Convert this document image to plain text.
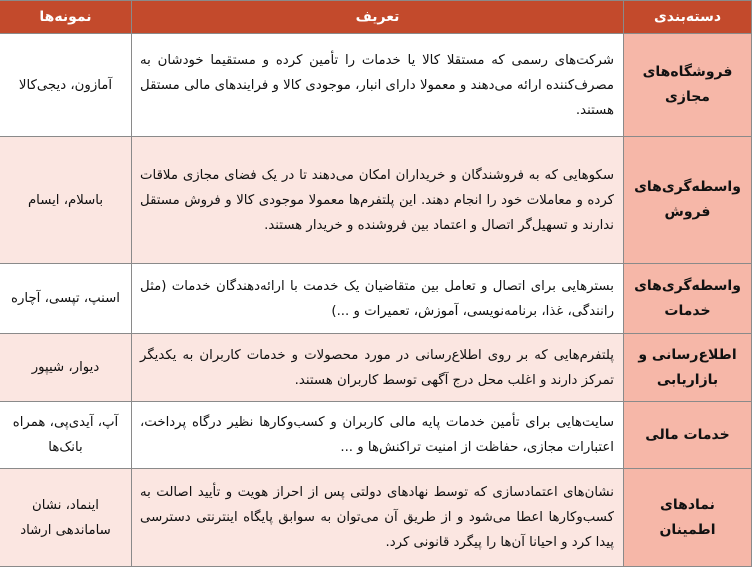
دسته‌بندی	تعریف	نمونه‌ها
فروشگاه‌های مجازی	شرکت‌های رسمی که مستقلا کالا یا خدمات را تأمین کرده و مستقیما خودشان به مصرف‌کننده ارائه می‌دهند و معمولا دارای انبار، موجودی کالا و فرایندهای مالی مستقل هستند.	آمازون، دیجی‌کالا
واسطه‌گری‌های فروش	سکوهایی که به فروشندگان و خریداران امکان می‌دهند تا در یک فضای مجازی ملاقات کرده و معاملات خود را انجام دهند. این پلتفرم‌ها معمولا موجودی کالا و فروش مستقل ندارند و تسهیل‌گر اتصال و اعتماد بین فروشنده و خریدار هستند.	باسلام، ایسام
واسطه‌گری‌های خدمات	بسترهایی برای اتصال و تعامل بین متقاضیان یک خدمت با ارائه‌دهندگان خدمات (مثل رانندگی، غذا، برنامه‌نویسی، آموزش، تعمیرات و ...)	اسنپ، تپسی، آچاره
اطلاع‌رسانی و بازاریابی	پلتفرم‌هایی که بر روی اطلاع‌رسانی در مورد محصولات و خدمات کاربران به یکدیگر تمرکز دارند و اغلب محل درج آگهی توسط کاربران هستند.	دیوار، شیپور
خدمات مالی	سایت‌هایی برای تأمین خدمات پایه مالی کاربران و کسب‌وکارها نظیر درگاه پرداخت، اعتبارات مجازی، حفاظت از امنیت تراکنش‌ها و ...	آپ، آیدی‌پی، همراه بانک‌ها
نمادهای اطمینان	نشان‌های اعتمادسازی که توسط نهادهای دولتی پس از احراز هویت و تأیید اصالت به کسب‌وکارها اعطا می‌شود و از طریق آن می‌توان به سوابق پایگاه اینترنتی دسترسی پیدا کرد و احیانا آن‌ها را پیگرد قانونی کرد.	اینماد، نشان ساماندهی ارشاد
